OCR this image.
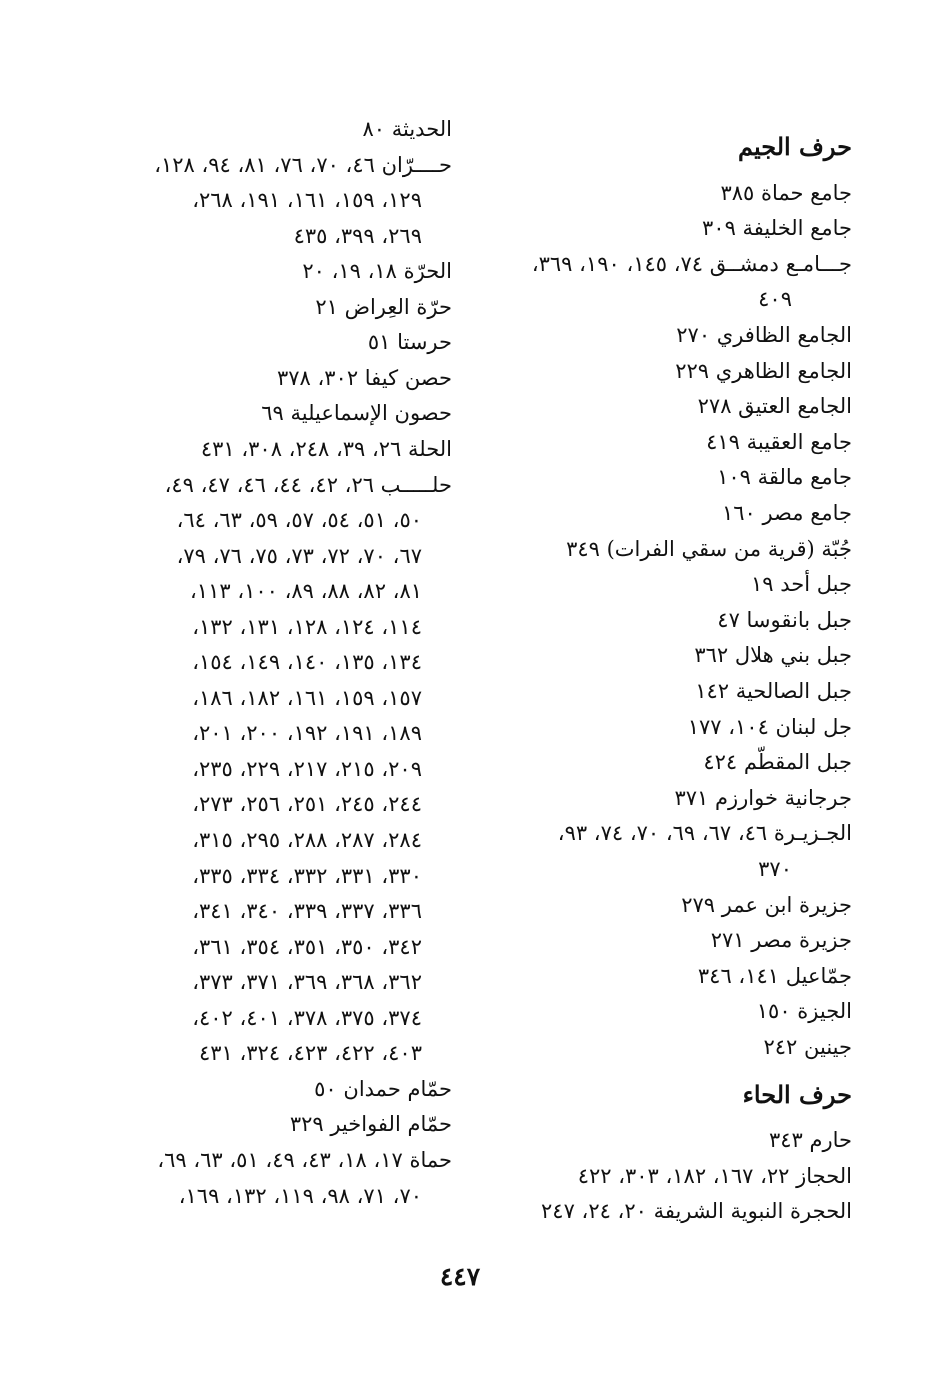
حرف الجيم
جامع حماة ٣٨٥
جامع الخليفة ٣٠٩
جـــامـع دمشــق ٧٤، ١٤٥، ١٩٠، ٣٦٩،
٤٠٩
الجامع الظافري ٢٧٠
الجامع الظاهري ٢٢٩
الجامع العتيق ٢٧٨
جامع العقيبة ٤١٩
جامع مالقة ١٠٩
جامع مصر ١٦٠
جُبّة (قرية من سقي الفرات) ٣٤٩
جبل أحد ١٩
جبل بانقوسا ٤٧
جبل بني هلال ٣٦٢
جبل الصالحية ١٤٢
جل لبنان ١٠٤، ١٧٧
جبل المقطّم ٤٢٤
جرجانية خوارزم ٣٧١
الجـزيـرة ٤٦، ٦٧، ٦٩، ٧٠، ٧٤، ٩٣،
٣٧٠
جزيرة ابن عمر ٢٧٩
جزيرة مصر ٢٧١
جمّاعيل ١٤١، ٣٤٦
الجيزة ١٥٠
جينين ٢٤٢
حرف الحاء
حارم ٣٤٣
الحجاز ٢٢، ١٦٧، ١٨٢، ٣٠٣، ٤٢٢
الحجرة النبوية الشريفة ٢٠، ٢٤، ٢٤٧
الحديثة ٨٠
حــــرّان ٤٦، ٧٠، ٧٦، ٨١، ٩٤، ١٢٨،
١٢٩، ١٥٩، ١٦١، ١٩١، ٢٦٨،
٢٦٩، ٣٩٩، ٤٣٥
الحرّة ١٨، ١٩، ٢٠
حرّة العِراض ٢١
حرستا ٥١
حصن كيفا ٣٠٢، ٣٧٨
حصون الإسماعيلية ٦٩
الحلة ٢٦، ٣٩، ٢٤٨، ٣٠٨، ٤٣١
حلـــــب ٢٦، ٤٢، ٤٤، ٤٦، ٤٧، ٤٩،
٥٠، ٥١، ٥٤، ٥٧، ٥٩، ٦٣، ٦٤،
٦٧، ٧٠، ٧٢، ٧٣، ٧٥، ٧٦، ٧٩،
٨١، ٨٢، ٨٨، ٨٩، ١٠٠، ١١٣،
١١٤، ١٢٤، ١٢٨، ١٣١، ١٣٢،
١٣٤، ١٣٥، ١٤٠، ١٤٩، ١٥٤،
١٥٧، ١٥٩، ١٦١، ١٨٢، ١٨٦،
١٨٩، ١٩١، ١٩٢، ٢٠٠، ٢٠١،
٢٠٩، ٢١٥، ٢١٧، ٢٢٩، ٢٣٥،
٢٤٤، ٢٤٥، ٢٥١، ٢٥٦، ٢٧٣،
٢٨٤، ٢٨٧، ٢٨٨، ٢٩٥، ٣١٥،
٣٣٠، ٣٣١، ٣٣٢، ٣٣٤، ٣٣٥،
٣٣٦، ٣٣٧، ٣٣٩، ٣٤٠، ٣٤١،
٣٤٢، ٣٥٠، ٣٥١، ٣٥٤، ٣٦١،
٣٦٢، ٣٦٨، ٣٦٩، ٣٧١، ٣٧٣،
٣٧٤، ٣٧٥، ٣٧٨، ٤٠١، ٤٠٢،
٤٠٣، ٤٢٢، ٤٢٣، ٣٢٤، ٤٣١
حمّام حمدان ٥٠
حمّام الفواخير ٣٢٩
حماة ١٧، ١٨، ٤٣، ٤٩، ٥١، ٦٣، ٦٩،
٧٠، ٧١، ٩٨، ١١٩، ١٣٢، ١٦٩،
٤٤٧
